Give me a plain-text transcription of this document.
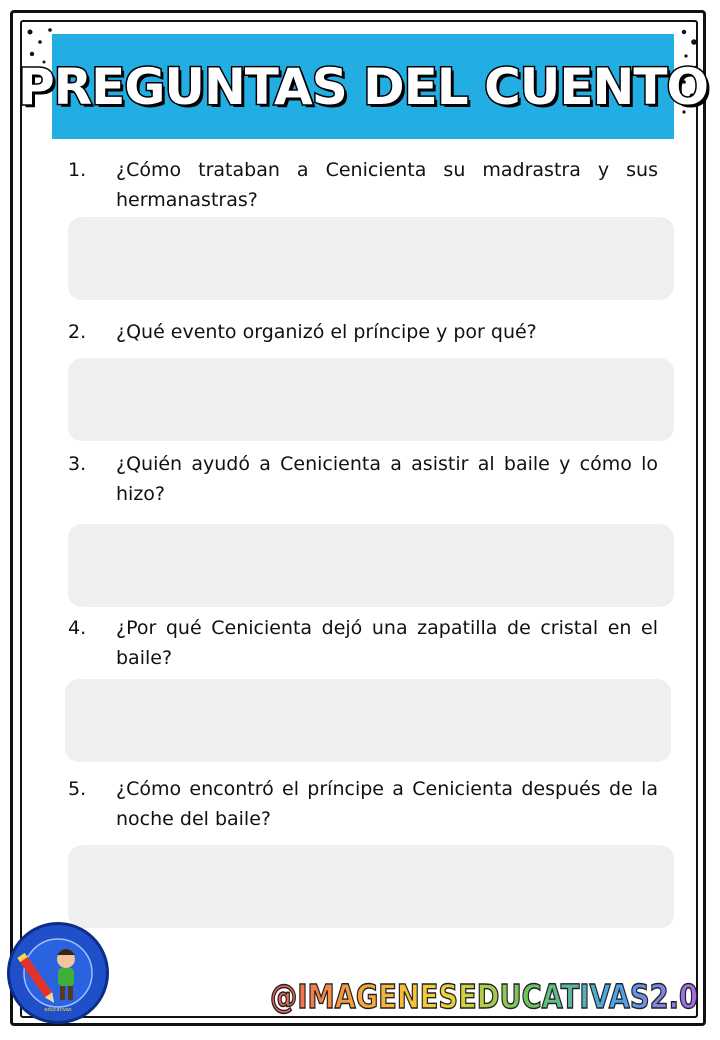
PREGUNTAS DEL CUENTO
1.	¿Cómo trataban a Cenicienta su madrastra y sus hermanastras?
2.	¿Qué evento organizó el príncipe y por qué?
3.	¿Quién ayudó a Cenicienta a asistir al baile y cómo lo hizo?
4.	¿Por qué Cenicienta dejó una zapatilla de cristal en el baile?
5.	¿Cómo encontró el príncipe a Cenicienta después de la noche del baile?
educativas	@IMAGENESEDUCATIVAS2.0
